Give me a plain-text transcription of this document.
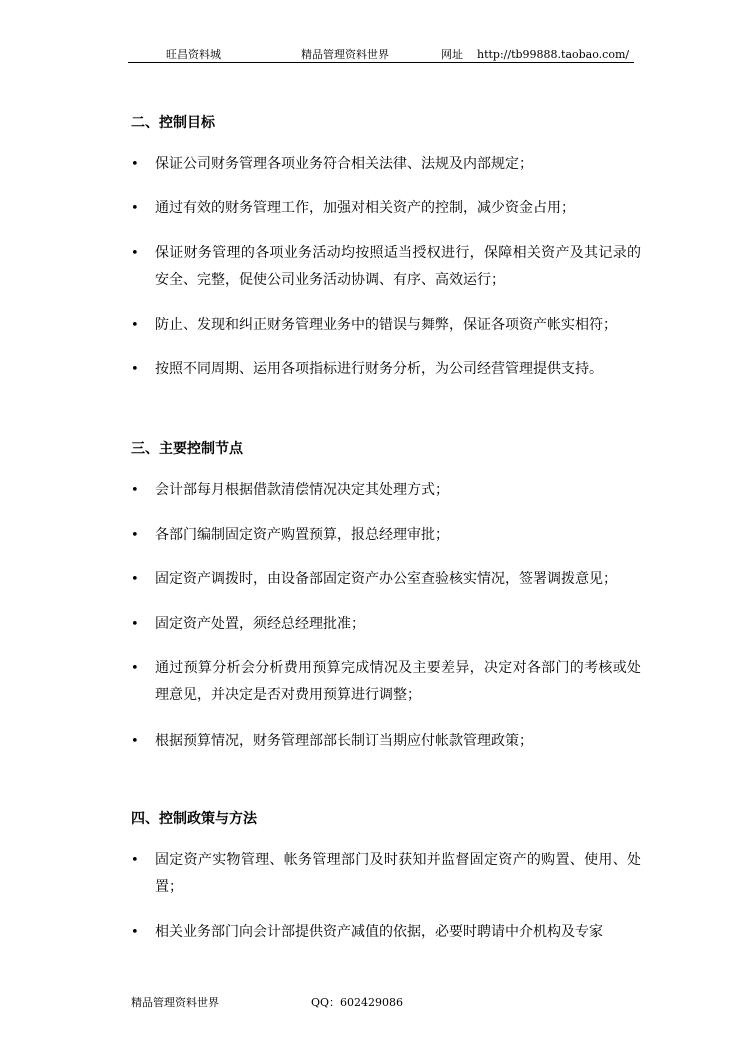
旺昌资料城	精品管理资料世界	网址 http://tb99888.taobao.com/
二、控制目标
• 保证公司财务管理各项业务符合相关法律、法规及内部规定；
• 通过有效的财务管理工作，加强对相关资产的控制，减少资金占用；
• 保证财务管理的各项业务活动均按照适当授权进行，保障相关资产及其记录的安全、完整，促使公司业务活动协调、有序、高效运行；
• 防止、发现和纠正财务管理业务中的错误与舞弊，保证各项资产帐实相符；
• 按照不同周期、运用各项指标进行财务分析，为公司经营管理提供支持。
三、主要控制节点
• 会计部每月根据借款清偿情况决定其处理方式；
• 各部门编制固定资产购置预算，报总经理审批；
• 固定资产调拨时，由设备部固定资产办公室查验核实情况，签署调拨意见；
• 固定资产处置，须经总经理批准；
• 通过预算分析会分析费用预算完成情况及主要差异，决定对各部门的考核或处理意见，并决定是否对费用预算进行调整；
• 根据预算情况，财务管理部部长制订当期应付帐款管理政策；
四、控制政策与方法
• 固定资产实物管理、帐务管理部门及时获知并监督固定资产的购置、使用、处置；
• 相关业务部门向会计部提供资产减值的依据，必要时聘请中介机构及专家
精品管理资料世界	QQ：602429086
